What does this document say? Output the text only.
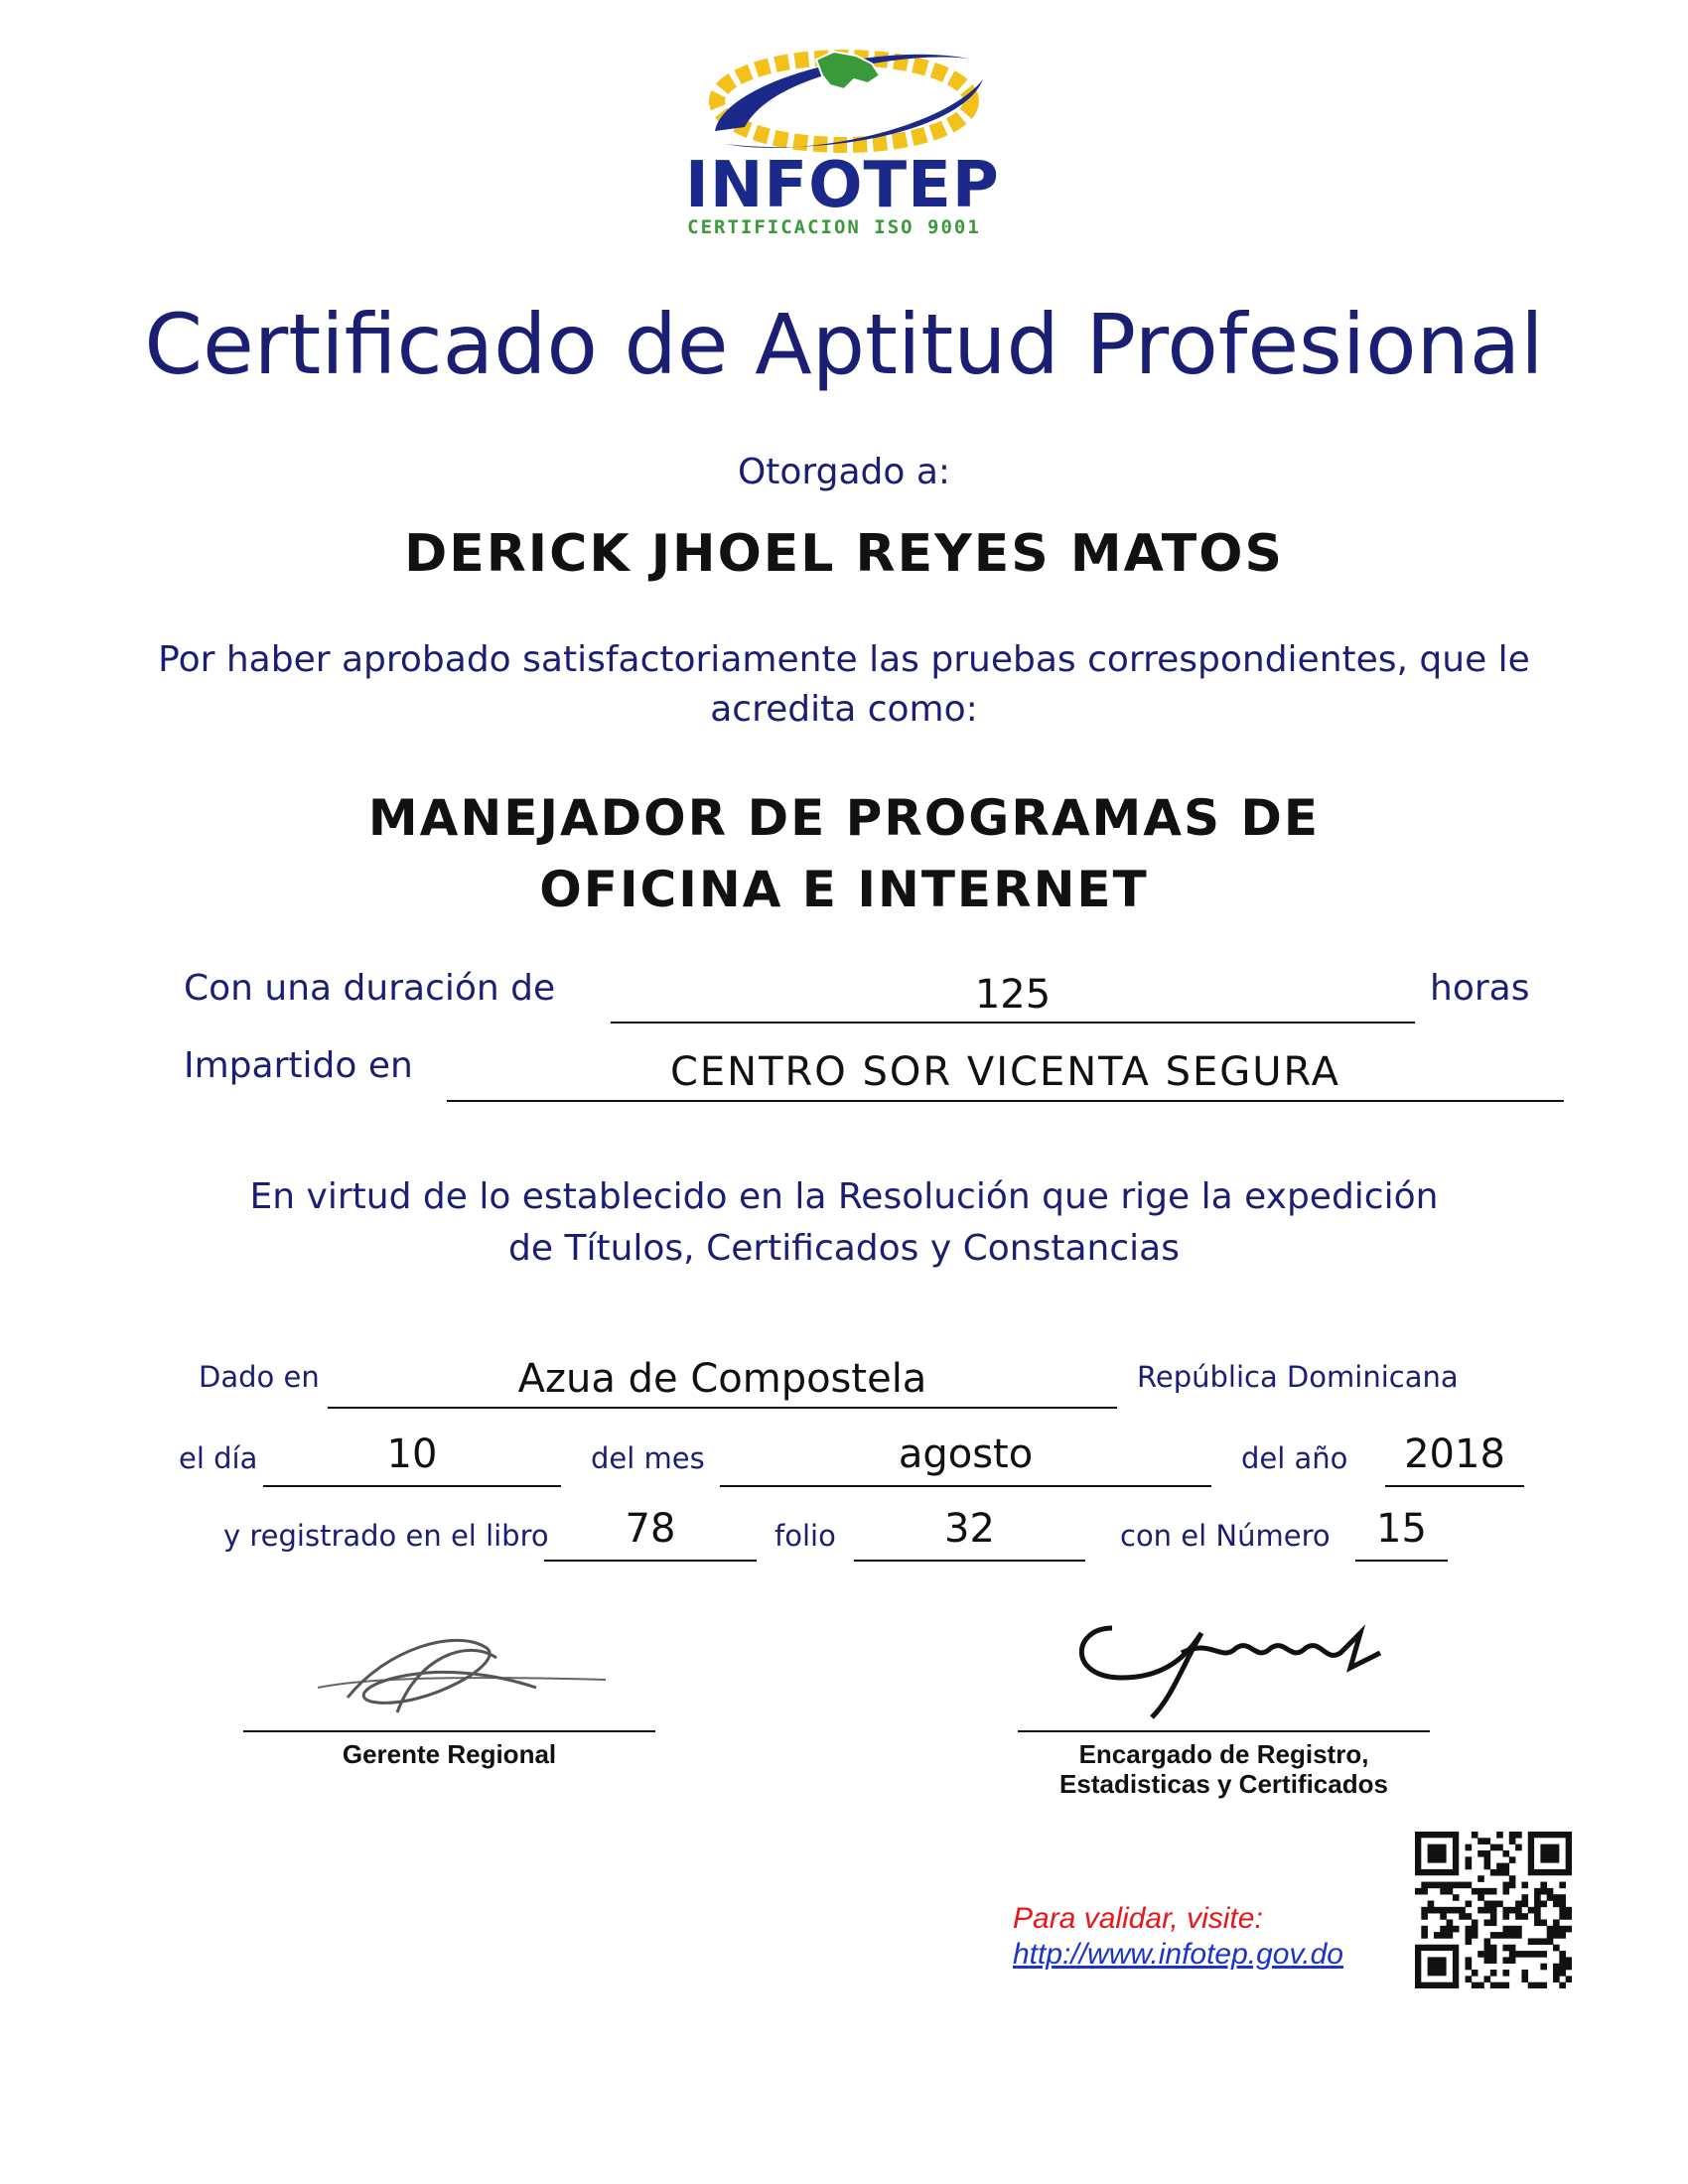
INFOTEP
CERTIFICACION ISO 9001
Certificado de Aptitud Profesional
Otorgado a:
DERICK JHOEL REYES MATOS
Por haber aprobado satisfactoriamente las pruebas correspondientes, que le acredita como:
MANEJADOR DE PROGRAMAS DE
OFICINA E INTERNET
Con una duración de	125	horas
Impartido en	CENTRO SOR VICENTA SEGURA
En virtud de lo establecido en la Resolución que rige la expedición
de Títulos, Certificados y Constancias
Dado en	Azua de Compostela	República Dominicana
el día	10	del mes	agosto	del año	2018
y registrado en el libro	78	folio	32	con el Número	15
Gerente Regional	Encargado de Registro,
Estadisticas y Certificados
Para validar, visite:
http://www.infotep.gov.do
